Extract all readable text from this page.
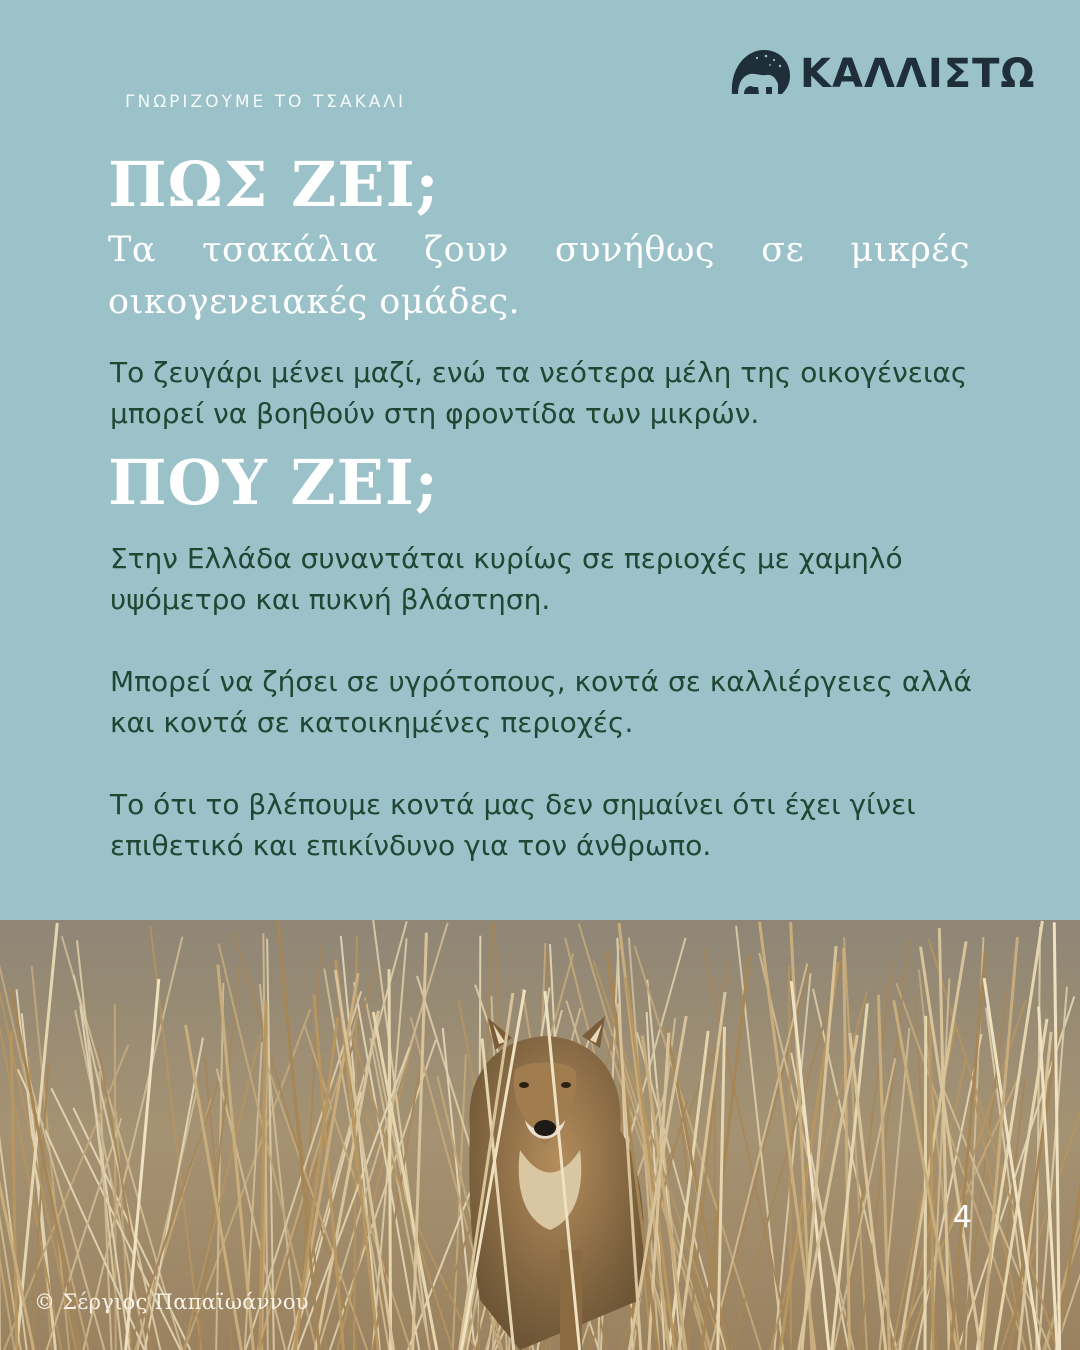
ΓΝΩΡΙΖΟΥΜΕ ΤΟ ΤΣΑΚΑΛΙ
ΚΑΛΛΙΣΤΩ
ΠΩΣ ΖΕΙ;
Τα τσακάλια ζουν συνήθως σε μικρές οικογενειακές ομάδες.
Το ζευγάρι μένει μαζί, ενώ τα νεότερα μέλη της οικογένειας μπορεί να βοηθούν στη φροντίδα των μικρών.
ΠΟΥ ΖΕΙ;
Στην Ελλάδα συναντάται κυρίως σε περιοχές με χαμηλό υψόμετρο και πυκνή βλάστηση.
Μπορεί να ζήσει σε υγρότοπους, κοντά σε καλλιέργειες αλλά και κοντά σε κατοικημένες περιοχές.
Το ότι το βλέπουμε κοντά μας δεν σημαίνει ότι έχει γίνει επιθετικό και επικίνδυνο για τον άνθρωπο.
4
© Σέργιος Παπαϊωάννου
